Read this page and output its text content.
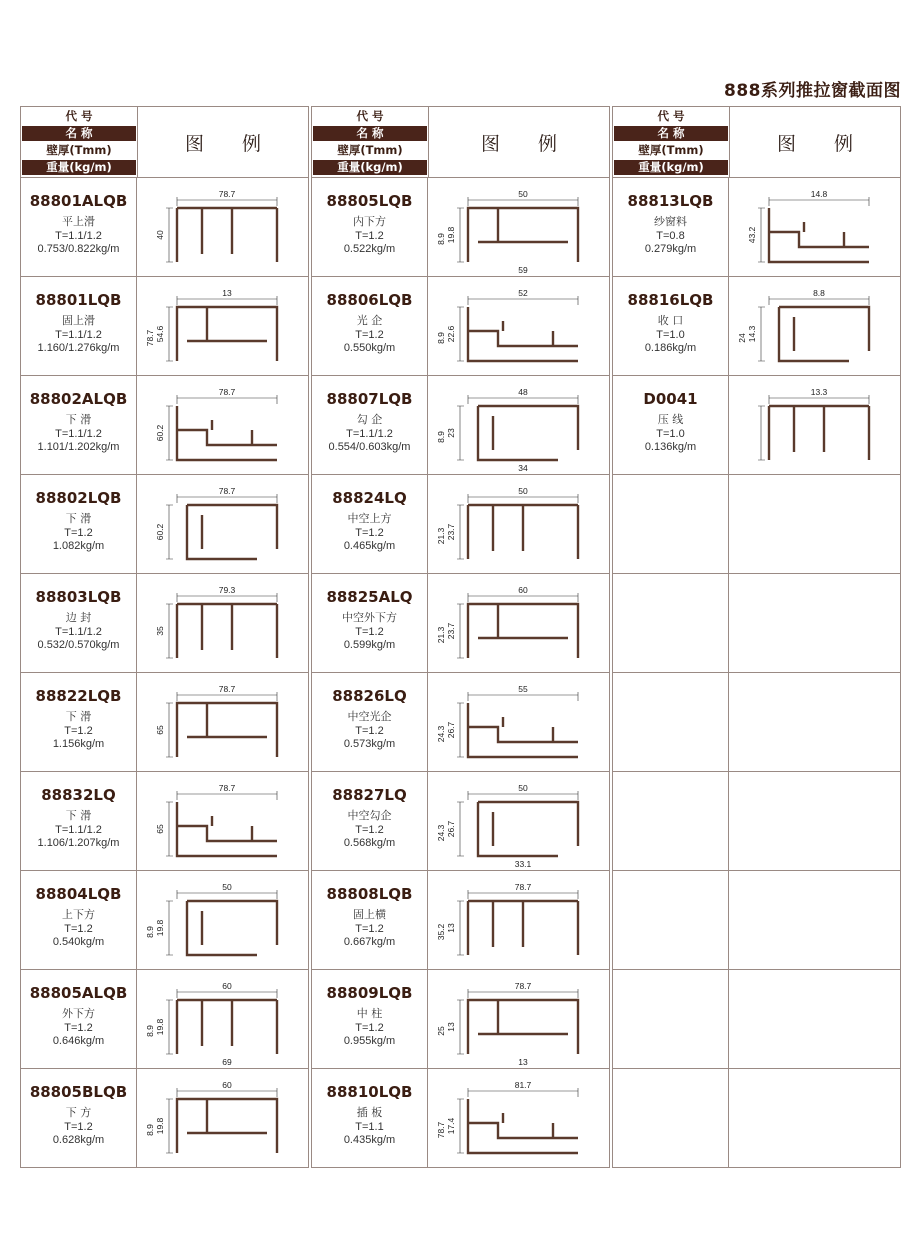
888系列推拉窗截面图
代 号
名 称
壁厚(Tmm)
重量(kg/m)
图 例
88801ALQB
平上滑
T=1.1/1.2
0.753/0.822kg/m
78.7
40
88801LQB
固上滑
T=1.1/1.2
1.160/1.276kg/m
13
54.6
78.7
88802ALQB
下 滑
T=1.1/1.2
1.101/1.202kg/m
78.7
60.2
88802LQB
下 滑
T=1.2
1.082kg/m
78.7
60.2
88803LQB
边 封
T=1.1/1.2
0.532/0.570kg/m
79.3
35
88822LQB
下 滑
T=1.2
1.156kg/m
78.7
65
88832LQ
下 滑
T=1.1/1.2
1.106/1.207kg/m
78.7
65
88804LQB
上下方
T=1.2
0.540kg/m
50
19.8
8.9
88805ALQB
外下方
T=1.2
0.646kg/m
60
19.8
8.9
69
88805BLQB
下 方
T=1.2
0.628kg/m
60
19.8
8.9
代 号
名 称
壁厚(Tmm)
重量(kg/m)
图 例
88805LQB
内下方
T=1.2
0.522kg/m
50
19.8
8.9
59
88806LQB
光 企
T=1.2
0.550kg/m
52
22.6
8.9
88807LQB
勾 企
T=1.1/1.2
0.554/0.603kg/m
48
23
8.9
34
88824LQ
中空上方
T=1.2
0.465kg/m
50
23.7
21.3
88825ALQ
中空外下方
T=1.2
0.599kg/m
60
23.7
21.3
88826LQ
中空光企
T=1.2
0.573kg/m
55
26.7
24.3
88827LQ
中空勾企
T=1.2
0.568kg/m
50
26.7
24.3
33.1
88808LQB
固上横
T=1.2
0.667kg/m
78.7
13
35.2
88809LQB
中 柱
T=1.2
0.955kg/m
78.7
13
25
13
88810LQB
插 板
T=1.1
0.435kg/m
81.7
17.4
78.7
代 号
名 称
壁厚(Tmm)
重量(kg/m)
图 例
88813LQB
纱窗料
T=0.8
0.279kg/m
14.8
43.2
88816LQB
收 口
T=1.0
0.186kg/m
8.8
14.3
24
D0041
压 线
T=1.0
0.136kg/m
13.3
